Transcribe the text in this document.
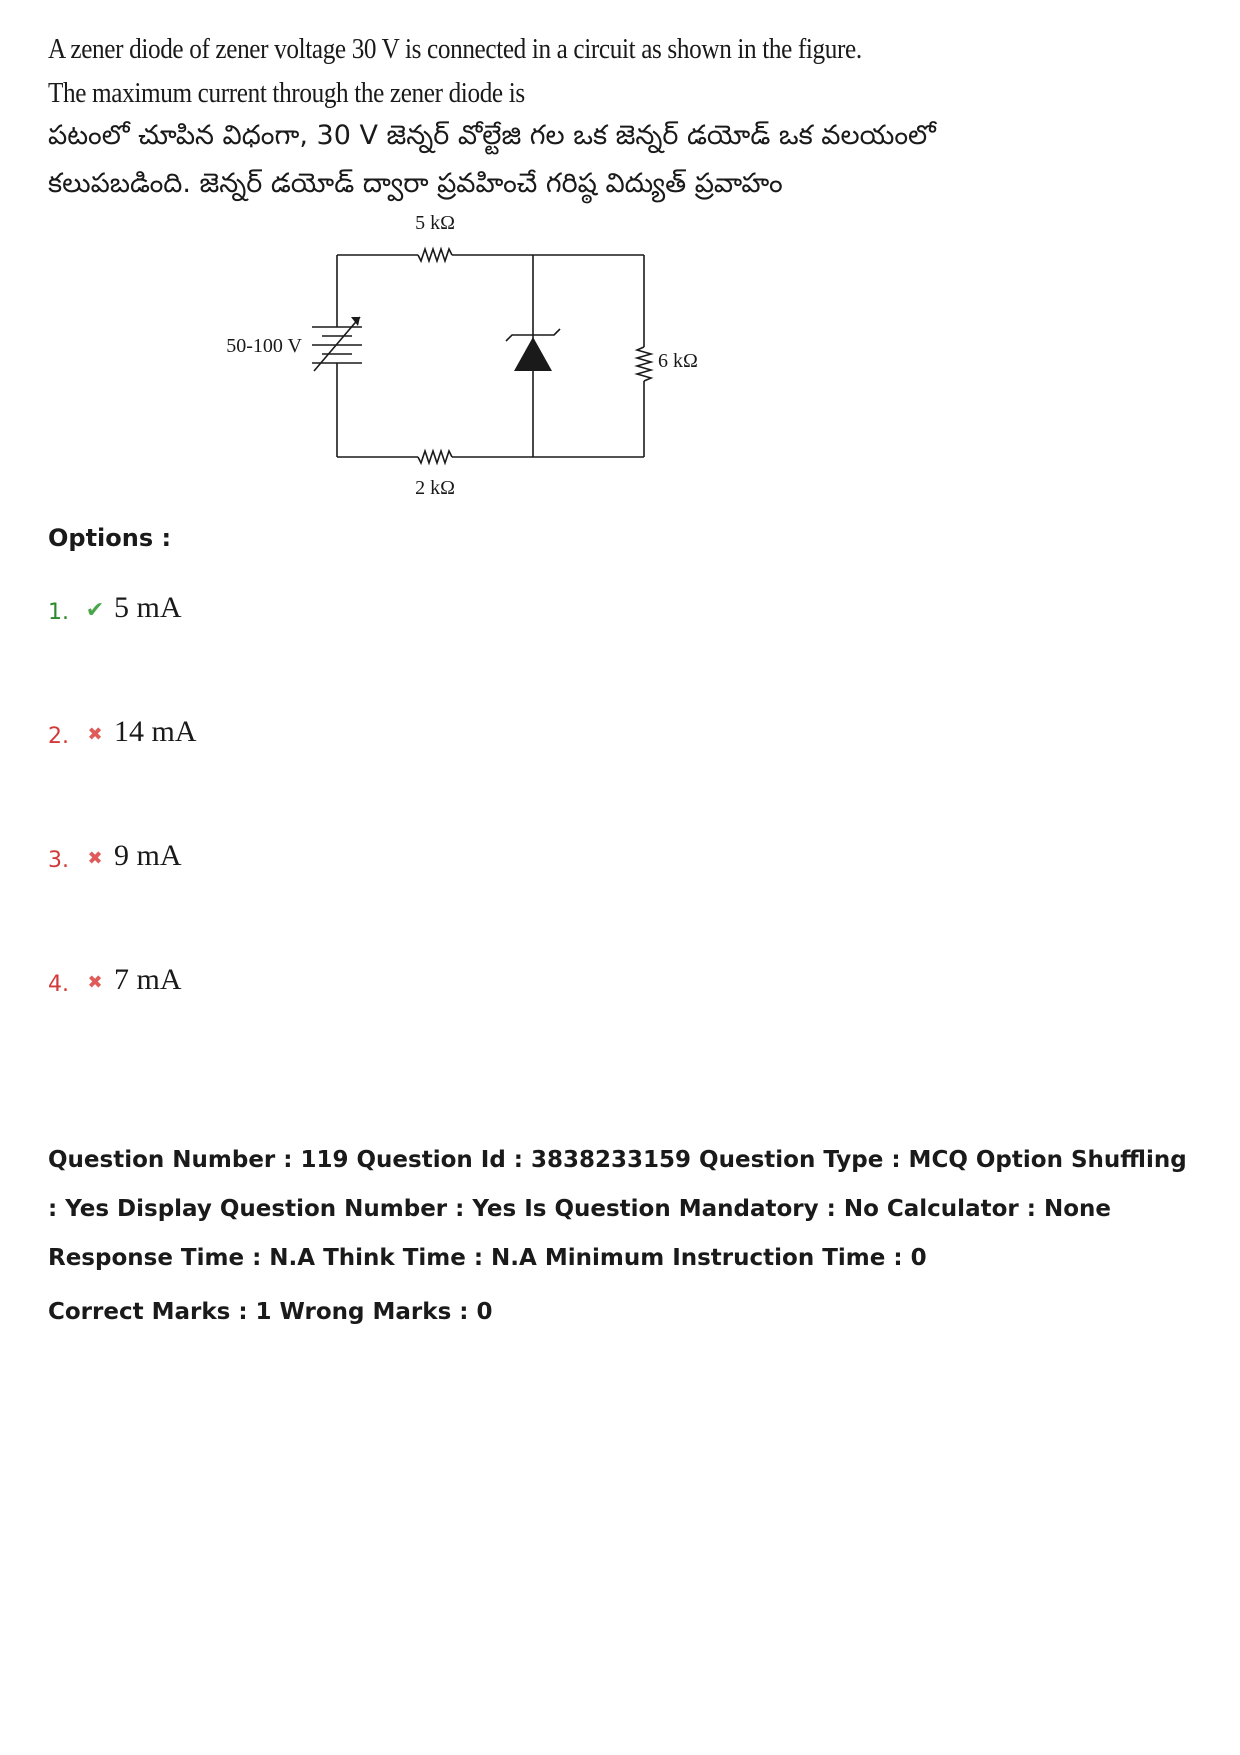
A zener diode of zener voltage 30 V is connected in a circuit as shown in the figure.
The maximum current through the zener diode is
పటంలో చూపిన విధంగా, 30 V జెన్నర్ వోల్టేజి గల ఒక జెన్నర్ డయోడ్ ఒక వలయంలో
కలుపబడింది. జెన్నర్ డయోడ్ ద్వారా ప్రవహించే గరిష్ఠ విద్యుత్ ప్రవాహం
5 kΩ
50-100 V
6 kΩ
2 kΩ
Options :
1. ✔ 5 mA
2.	✖ 14 mA
3.	✖ 9 mA
4.	✖ 7 mA
Question Number : 119 Question Id : 3838233159 Question Type : MCQ Option Shuffling : Yes Display Question Number : Yes Is Question Mandatory : No Calculator : None Response Time : N.A Think Time : N.A Minimum Instruction Time : 0
Correct Marks : 1 Wrong Marks : 0
